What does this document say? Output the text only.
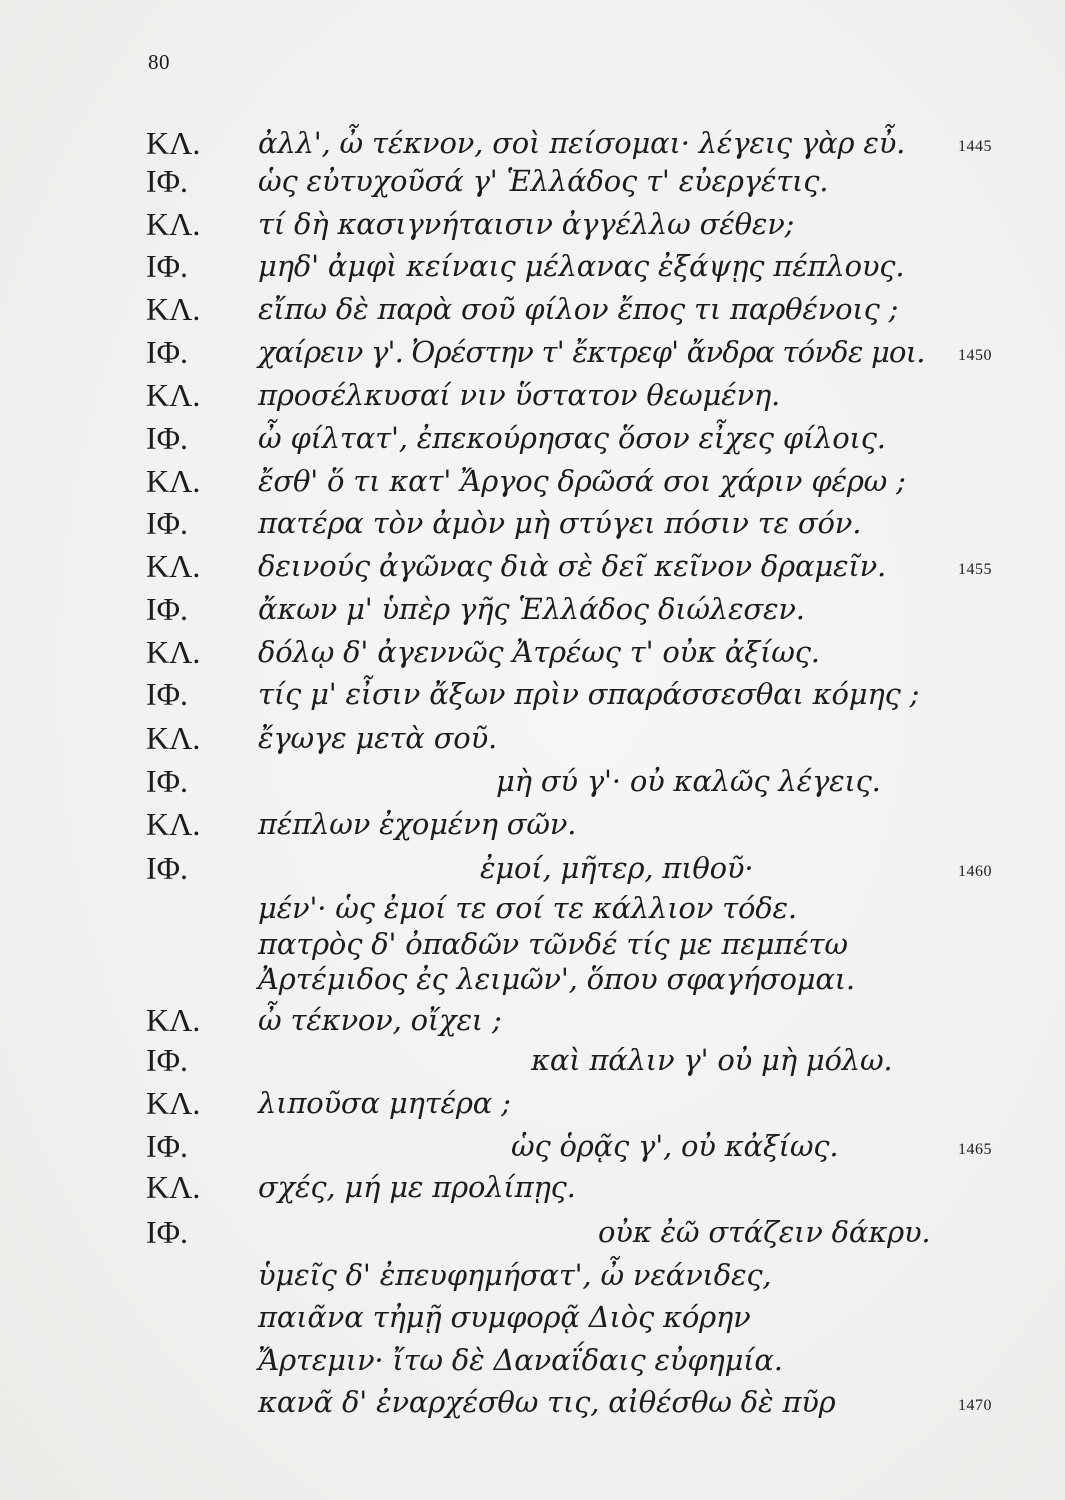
80
ΚΛ. ἀλλ', ὦ τέκνον, σοὶ πείσομαι· λέγεις γὰρ εὖ.	1445
ΙΦ. ὡς εὐτυχοῦσά γ' Ἑλλάδος τ' εὐεργέτις.
ΚΛ. τί δὴ κασιγνήταισιν ἀγγέλλω σέθεν;
ΙΦ. μηδ' ἀμφὶ κείναις μέλανας ἐξάψῃς πέπλους.
ΚΛ. εἴπω δὲ παρὰ σοῦ φίλον ἔπος τι παρθένοις ;
ΙΦ. χαίρειν γ'. Ὀρέστην τ' ἔκτρεφ' ἄνδρα τόνδε μοι. 1450
ΚΛ. προσέλκυσαί νιν ὕστατον θεωμένη.
ΙΦ. ὦ φίλτατ', ἐπεκούρησας ὅσον εἶχες φίλοις.
ΚΛ. ἔσθ' ὅ τι κατ' Ἄργος δρῶσά σοι χάριν φέρω ;
ΙΦ. πατέρα τὸν ἀμὸν μὴ στύγει πόσιν τε σόν.
ΚΛ. δεινούς ἀγῶνας διὰ σὲ δεῖ κεῖνον δραμεῖν.	1455
ΙΦ. ἄκων μ' ὑπὲρ γῆς Ἑλλάδος διώλεσεν.
ΚΛ. δόλῳ δ' ἀγεννῶς Ἀτρέως τ' οὐκ ἀξίως.
ΙΦ. τίς μ' εἶσιν ἄξων πρὶν σπαράσσεσθαι κόμης ;
ΚΛ. ἔγωγε μετὰ σοῦ.
ΙΦ.	μὴ σύ γ'· οὐ καλῶς λέγεις.
ΚΛ. πέπλων ἐχομένη σῶν.
ΙΦ.	ἐμοί, μῆτερ, πιθοῦ·	1460
μέν'· ὡς ἐμοί τε σοί τε κάλλιον τόδε.
πατρὸς δ' ὀπαδῶν τῶνδέ τίς με πεμπέτω
Ἀρτέμιδος ἐς λειμῶν', ὅπου σφαγήσομαι.
ΚΛ. ὦ τέκνον, οἴχει ;
ΙΦ.	καὶ πάλιν γ' οὐ μὴ μόλω.
ΚΛ. λιποῦσα μητέρα ;
ΙΦ.	ὡς ὁρᾷς γ', οὐ κἀξίως.	1465
ΚΛ. σχές, μή με προλίπῃς.
ΙΦ.	οὐκ ἐῶ στάζειν δάκρυ.
ὑμεῖς δ' ἐπευφημήσατ', ὦ νεάνιδες,
παιᾶνα τἠμῇ συμφορᾷ Διὸς κόρην
Ἄρτεμιν· ἴτω δὲ Δαναΐδαις εὐφημία.
κανᾶ δ' ἐναρχέσθω τις, αἰθέσθω δὲ πῦρ	1470
